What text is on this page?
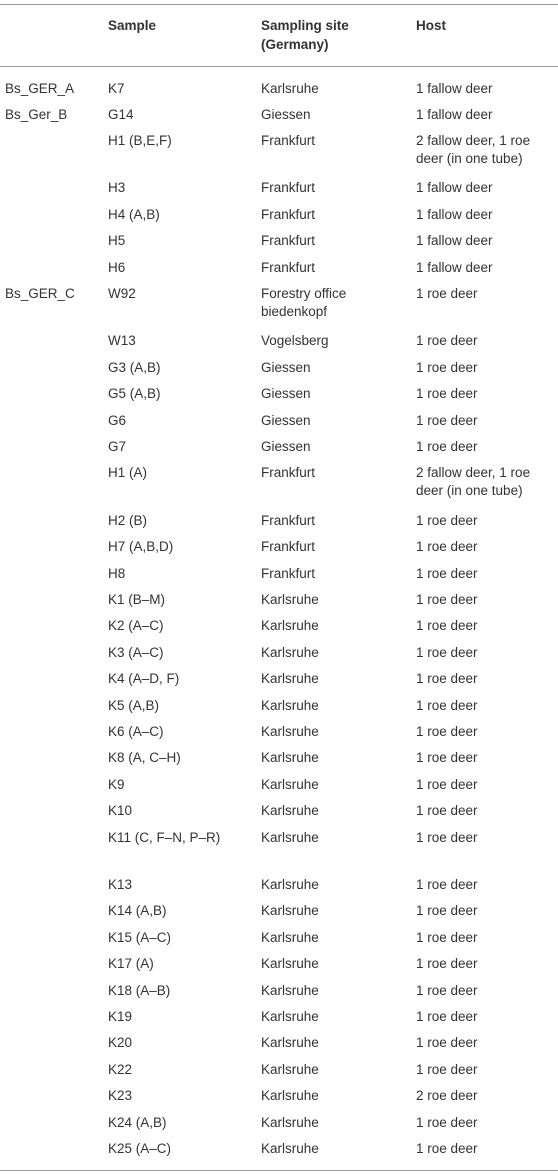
	Sample	Sampling site (Germany)	Host
Bs_GER_A	K7	Karlsruhe	1 fallow deer
Bs_Ger_B	G14	Giessen	1 fallow deer
	H1 (B,E,F)	Frankfurt	2 fallow deer, 1 roe deer (in one tube)
	H3	Frankfurt	1 fallow deer
	H4 (A,B)	Frankfurt	1 fallow deer
	H5	Frankfurt	1 fallow deer
	H6	Frankfurt	1 fallow deer
Bs_GER_C	W92	Forestry office biedenkopf	1 roe deer
	W13	Vogelsberg	1 roe deer
	G3 (A,B)	Giessen	1 roe deer
	G5 (A,B)	Giessen	1 roe deer
	G6	Giessen	1 roe deer
	G7	Giessen	1 roe deer
	H1 (A)	Frankfurt	2 fallow deer, 1 roe deer (in one tube)
	H2 (B)	Frankfurt	1 roe deer
	H7 (A,B,D)	Frankfurt	1 roe deer
	H8	Frankfurt	1 roe deer
	K1 (B–M)	Karlsruhe	1 roe deer
	K2 (A–C)	Karlsruhe	1 roe deer
	K3 (A–C)	Karlsruhe	1 roe deer
	K4 (A–D, F)	Karlsruhe	1 roe deer
	K5 (A,B)	Karlsruhe	1 roe deer
	K6 (A–C)	Karlsruhe	1 roe deer
	K8 (A, C–H)	Karlsruhe	1 roe deer
	K9	Karlsruhe	1 roe deer
	K10	Karlsruhe	1 roe deer
	K11 (C, F–N, P–R)	Karlsruhe	1 roe deer
	K13	Karlsruhe	1 roe deer
	K14 (A,B)	Karlsruhe	1 roe deer
	K15 (A–C)	Karlsruhe	1 roe deer
	K17 (A)	Karlsruhe	1 roe deer
	K18 (A–B)	Karlsruhe	1 roe deer
	K19	Karlsruhe	1 roe deer
	K20	Karlsruhe	1 roe deer
	K22	Karlsruhe	1 roe deer
	K23	Karlsruhe	2 roe deer
	K24 (A,B)	Karlsruhe	1 roe deer
	K25 (A–C)	Karlsruhe	1 roe deer
